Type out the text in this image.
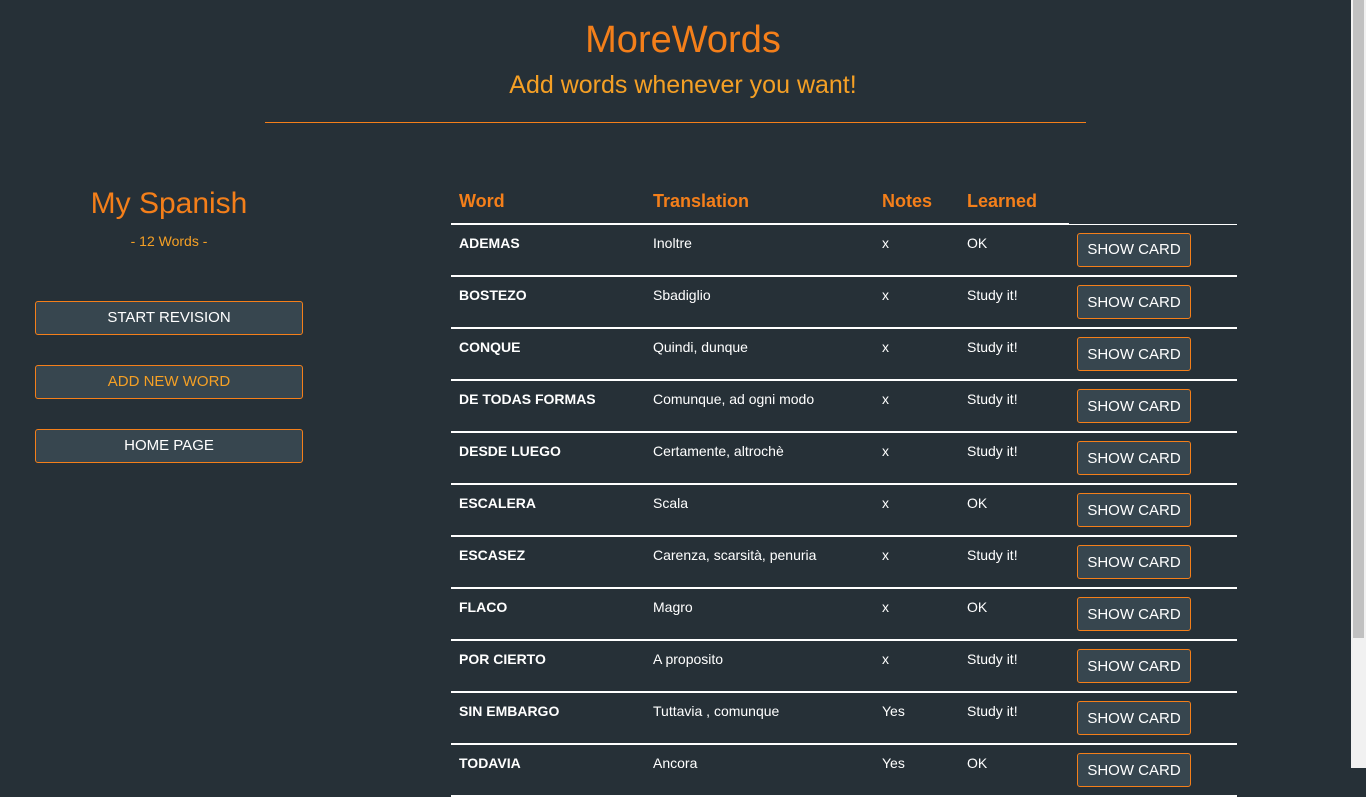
MoreWords
Add words whenever you want!
My Spanish
- 12 Words -
START REVISION
ADD NEW WORD
HOME PAGE
Word	Translation	Notes	Learned	
ADEMAS	Inoltre	x	OK	SHOW CARD
BOSTEZO	Sbadiglio	x	Study it!	SHOW CARD
CONQUE	Quindi, dunque	x	Study it!	SHOW CARD
DE TODAS FORMAS	Comunque, ad ogni modo	x	Study it!	SHOW CARD
DESDE LUEGO	Certamente, altrochè	x	Study it!	SHOW CARD
ESCALERA	Scala	x	OK	SHOW CARD
ESCASEZ	Carenza, scarsità, penuria	x	Study it!	SHOW CARD
FLACO	Magro	x	OK	SHOW CARD
POR CIERTO	A proposito	x	Study it!	SHOW CARD
SIN EMBARGO	Tuttavia , comunque	Yes	Study it!	SHOW CARD
TODAVIA	Ancora	Yes	OK	SHOW CARD
